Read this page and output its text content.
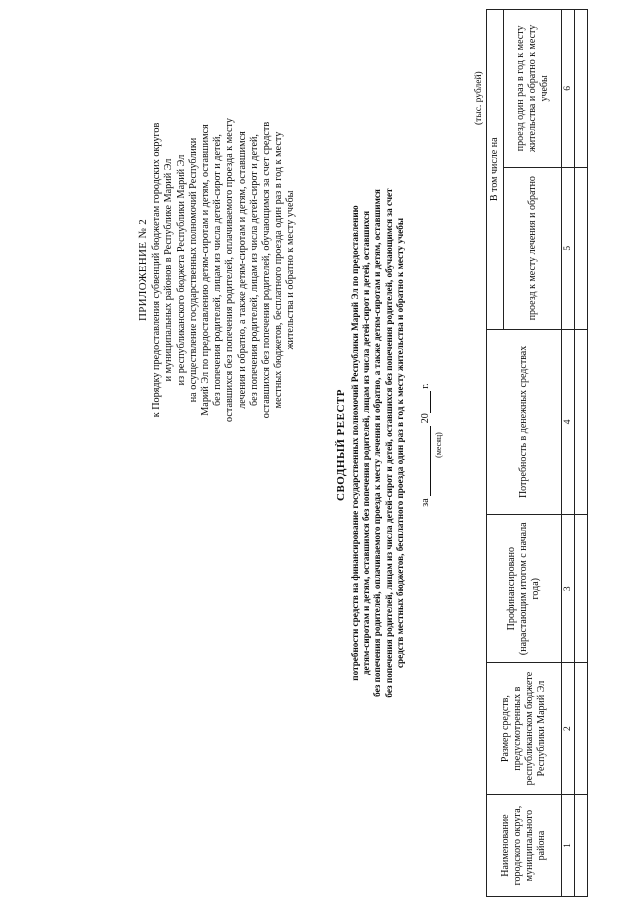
ПРИЛОЖЕНИЕ № 2 к Порядку предоставления субвенций бюджетам городских округов и муниципальных районов в Республике Марий Эл из республиканского бюджета Республики Марий Эл на осуществление государственных полномочий Республики Марий Эл по предоставлению детям-сиротам и детям, оставшимся без попечения родителей, лицам из числа детей-сирот и детей, оставшихся без попечения родителей, оплачиваемого проезда к месту лечения и обратно, а также детям-сиротам и детям, оставшимся без попечения родителей, лицам из числа детей-сирот и детей, оставшихся без попечения родителей, обучающимся за счет средств местных бюджетов, бесплатного проезда один раз в год к месту жительства и обратно к месту учебы
СВОДНЫЙ РЕЕСТР потребности средств на финансирование государственных полномочий Республики Марий Эл по предоставлению детям-сиротам и детям, оставшимся без попечения родителей, лицам из числа детей-сирот и детей, оставшихся без попечения родителей, оплачиваемого проезда к месту лечения и обратно, а также детям-сиротам и детям, оставшимся без попечения родителей, лицам из числа детей-сирот и детей, оставшихся без попечения родителей, обучающимся за счет средств местных бюджетов, бесплатного проезда один раз в год к месту жительства и обратно к месту учебы за  20 г.
(месяц)
(тыс. рублей)
Наименование городского округа, муниципального района	Размер средств, предусмотренных в республиканском бюджете Республики Марий Эл	Профинансировано (нарастающим итогом с начала года)	Потребность в денежных средствах	В том числе на	
				проезд к месту лечения и обратно	проезд один раз в год к месту жительства и обратно к месту учебы
1	2	3	4	5	6
